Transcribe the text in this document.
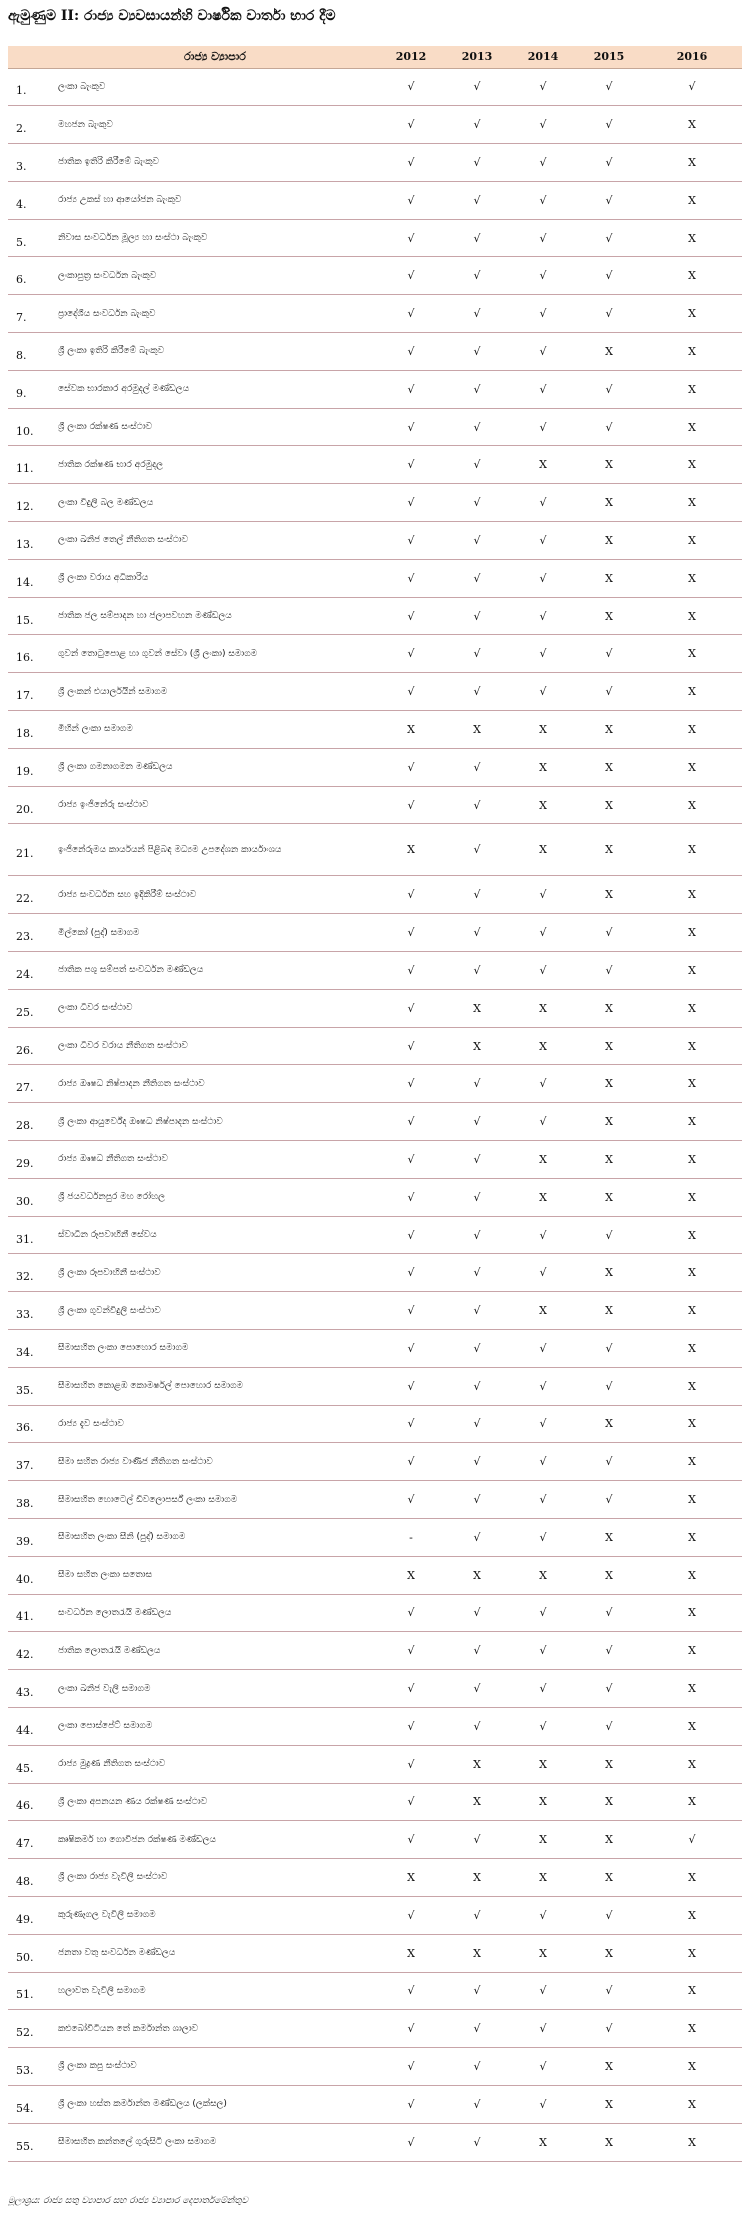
ඇමුණුම II: රාජ්‍ය ව්‍යවසායන්හි වාර්ෂික වාර්තා භාර දීම
	රාජ්‍ය ව්‍යාපාර	2012	2013	2014	2015	2016
1.	ලංකා බැංකුව	√	√	√	√	√
2.	මහජන බැංකුව	√	√	√	√	X
3.	ජාතික ඉතිරි කිරීමේ බැංකුව	√	√	√	√	X
4.	රාජ්‍ය උකස් හා ආයෝජන බැංකුව	√	√	√	√	X
5.	නිවාස සංවර්ධන මූල්‍ය හා සංස්ථා බැංකුව	√	√	√	√	X
6.	ලංකාපුත්‍ර සංවර්ධන බැංකුව	√	√	√	√	X
7.	ප්‍රාදේශීය සංවර්ධන බැංකුව	√	√	√	√	X
8.	ශ්‍රී ලංකා ඉතිරි කිරීමේ බැංකුව	√	√	√	X	X
9.	සේවක භාරකාර අරමුදල් මණ්ඩලය	√	√	√	√	X
10.	ශ්‍රී ලංකා රක්ෂණ සංස්ථාව	√	√	√	√	X
11.	ජාතික රක්ෂණ භාර අරමුදල	√	√	X	X	X
12.	ලංකා විදුලි බල මණ්ඩලය	√	√	√	X	X
13.	ලංකා ඛනිජ තෙල් නීතිගත සංස්ථාව	√	√	√	X	X
14.	ශ්‍රී ලංකා වරාය අධිකාරිය	√	√	√	X	X
15.	ජාතික ජල සම්පාදන හා ජලාපවහන මණ්ඩලය	√	√	√	X	X
16.	ගුවන් තොටුපොළ හා ගුවන් සේවා (ශ්‍රී ලංකා) සමාගම	√	√	√	√	X
17.	ශ්‍රී ලංකන් එයාර්ලයින් සමාගම	√	√	√	√	X
18.	මිහින් ලංකා සමාගම	X	X	X	X	X
19.	ශ්‍රී ලංකා ගමනාගමන මණ්ඩලය	√	√	X	X	X
20.	රාජ්‍ය ඉංජිනේරු සංස්ථාව	√	√	X	X	X
21.	ඉංජිනේරුමය කාර්යයන් පිළිබඳ මධ්‍යම උපදේශන කාර්යාංශය	X	√	X	X	X
22.	රාජ්‍ය සංවර්ධන සහ ඉදිකිරීම් සංස්ථාව	√	√	√	X	X
23.	මිල්කෝ (පුද්) සමාගම	√	√	√	√	X
24.	ජාතික පශු සම්පත් සංවර්ධන මණ්ඩලය	√	√	√	√	X
25.	ලංකා ධීවර සංස්ථාව	√	X	X	X	X
26.	ලංකා ධීවර වරාය නීතිගත සංස්ථාව	√	X	X	X	X
27.	රාජ්‍ය ඖෂධ නිෂ්පාදන නීතිගත සංස්ථාව	√	√	√	X	X
28.	ශ්‍රී ලංකා ආයුර්වේද ඖෂධ නිෂ්පාදන සංස්ථාව	√	√	√	X	X
29.	රාජ්‍ය ඖෂධ නීතිගත සංස්ථාව	√	√	X	X	X
30.	ශ්‍රී ජයවර්ධනපුර මහ රෝහල	√	√	X	X	X
31.	ස්වාධීන රූපවාහිනී සේවය	√	√	√	√	X
32.	ශ්‍රී ලංකා රූපවාහිනී සංස්ථාව	√	√	√	X	X
33.	ශ්‍රී ලංකා ගුවන්විදුලි සංස්ථාව	√	√	X	X	X
34.	සීමාසහිත ලංකා පොහොර සමාගම	√	√	√	√	X
35.	සීමාසහිත කොළඹ කොමර්ෂල් පොහොර සමාගම	√	√	√	√	X
36.	රාජ්‍ය දැව සංස්ථාව	√	√	√	X	X
37.	සීමා සහිත රාජ්‍ය වාණිජ නීතිගත සංස්ථාව	√	√	√	√	X
38.	සීමාසහිත හොටෙල් ඩිවලොපර්ස් ලංකා සමාගම	√	√	√	√	X
39.	සීමාසහිත ලංකා සීනි (පුද්) සමාගම	-	√	√	X	X
40.	සීමා සහිත ලංකා සතොස	X	X	X	X	X
41.	සංවර්ධන ලොතරැයි මණ්ඩලය	√	√	√	√	X
42.	ජාතික ලොතරැයි මණ්ඩලය	√	√	√	√	X
43.	ලංකා ඛනිජ වැලි සමාගම	√	√	√	√	X
44.	ලංකා පොස්පේට් සමාගම	√	√	√	√	X
45.	රාජ්‍ය මුද්‍රණ නීතිගත සංස්ථාව	√	X	X	X	X
46.	ශ්‍රී ලංකා අපනයන ණය රක්ෂණ සංස්ථාව	√	X	X	X	X
47.	කෘෂිකර්ම හා ගොවිජන රක්ෂණ මණ්ඩලය	√	√	X	X	√
48.	ශ්‍රී ලංකා රාජ්‍ය වැවිලි සංස්ථාව	X	X	X	X	X
49.	කුරුණෑගල වැවිලි සමාගම	√	√	√	√	X
50.	ජනතා වතු සංවර්ධන මණ්ඩලය	X	X	X	X	X
51.	හලාවත වැවිලි සමාගම	√	√	√	√	X
52.	කළුබෝවිටියන තේ කර්මාන්ත ශාලාව	√	√	√	√	X
53.	ශ්‍රී ලංකා කපු සංස්ථාව	√	√	√	X	X
54.	ශ්‍රී ලංකා හස්ත කර්මාන්ත මණ්ඩලය (ලක්සල)	√	√	√	X	X
55.	සීමාසහිත කන්තලේ ගුරුසිටි ලංකා සමාගම	√	√	X	X	X
මූලාශ්‍රය: රාජ්‍ය සතු ව්‍යාපාර සහ රාජ්‍ය ව්‍යාපාර දෙපාර්තමේන්තුව
